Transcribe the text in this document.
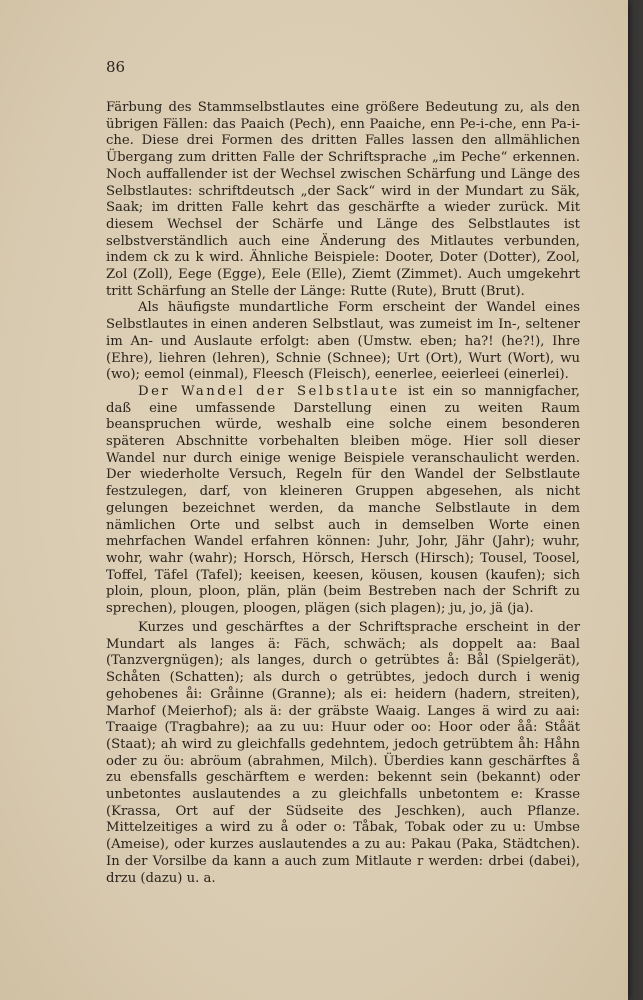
86

Färbung des Stammselbstlautes eine größere Bedeutung zu, als den übrigen Fällen: das Paaich (Pech), enn Paaiche, enn Pe-i-che, enn Pa-i-che. Diese drei Formen des dritten Falles lassen den allmählichen Übergang zum dritten Falle der Schriftsprache „im Peche“ erkennen. Noch auffallender ist der Wechsel zwischen Schärfung und Länge des Selbstlautes: schriftdeutsch „der Sack“ wird in der Mundart zu Säk, Saak; im dritten Falle kehrt das geschärfte a wieder zurück. Mit diesem Wechsel der Schärfe und Länge des Selbstlautes ist selbstverständlich auch eine Änderung des Mitlautes verbunden, indem ck zu k wird. Ähnliche Beispiele: Dooter, Doter (Dotter), Zool, Zol (Zoll), Eege (Egge), Eele (Elle), Ziemt (Zimmet). Auch umgekehrt tritt Schärfung an Stelle der Länge: Rutte (Rute), Brutt (Brut).

Als häufigste mundartliche Form erscheint der Wandel eines Selbstlautes in einen anderen Selbstlaut, was zumeist im In-, seltener im An- und Auslaute erfolgt: aben (Umstw. eben; ha?! (he?!), Ihre (Ehre), liehren (lehren), Schnie (Schnee); Urt (Ort), Wurt (Wort), wu (wo); eemol (einmal), Fleesch (Fleisch), eenerlee, eeierleei (einerlei).

Der Wandel der Selbstlaute ist ein so mannigfacher, daß eine umfassende Darstellung einen zu weiten Raum beanspruchen würde, weshalb eine solche einem besonderen späteren Abschnitte vorbehalten bleiben möge. Hier soll dieser Wandel nur durch einige wenige Beispiele veranschaulicht werden. Der wiederholte Versuch, Regeln für den Wandel der Selbstlaute festzulegen, darf, von kleineren Gruppen abgesehen, als nicht gelungen bezeichnet werden, da manche Selbstlaute in dem nämlichen Orte und selbst auch in demselben Worte einen mehrfachen Wandel erfahren können: Juhr, Johr, Jähr (Jahr); wuhr, wohr, wahr (wahr); Horsch, Hörsch, Hersch (Hirsch); Tousel, Toosel, Toffel, Täfel (Tafel); keeisen, keesen, köusen, kousen (kaufen); sich ploin, ploun, ploon, plän, plän (beim Bestreben nach der Schrift zu sprechen), plougen, ploogen, plägen (sich plagen); ju, jo, jä (ja).

Kurzes und geschärftes a der Schriftsprache erscheint in der Mundart als langes ä: Fäch, schwäch; als doppelt aa: Baal (Tanzvergnügen); als langes, durch o getrübtes å: Bål (Spielgerät), Schåten (Schatten); als durch o getrübtes, jedoch durch i wenig gehobenes åi: Gråinne (Granne); als ei: heidern (hadern, streiten), Marhof (Meierhof); als ä: der gräbste Waaig. Langes ä wird zu aai: Traaige (Tragbahre); aa zu uu: Huur oder oo: Hoor oder åå: Ståät (Staat); ah wird zu gleichfalls gedehntem, jedoch getrübtem åh: Håhn oder zu öu: abröum (abrahmen, Milch). Überdies kann geschärftes å zu ebensfalls geschärftem e werden: bekennt sein (bekannt) oder unbetontes auslautendes a zu gleichfalls unbetontem e: Krasse (Krassa, Ort auf der Südseite des Jeschken), auch Pflanze. Mittelzeitiges a wird zu å oder o: Tåbak, Tobak oder zu u: Umbse (Ameise), oder kurzes auslautendes a zu au: Pakau (Paka, Städtchen). In der Vorsilbe da kann a auch zum Mitlaute r werden: drbei (dabei), drzu (dazu) u. a.
